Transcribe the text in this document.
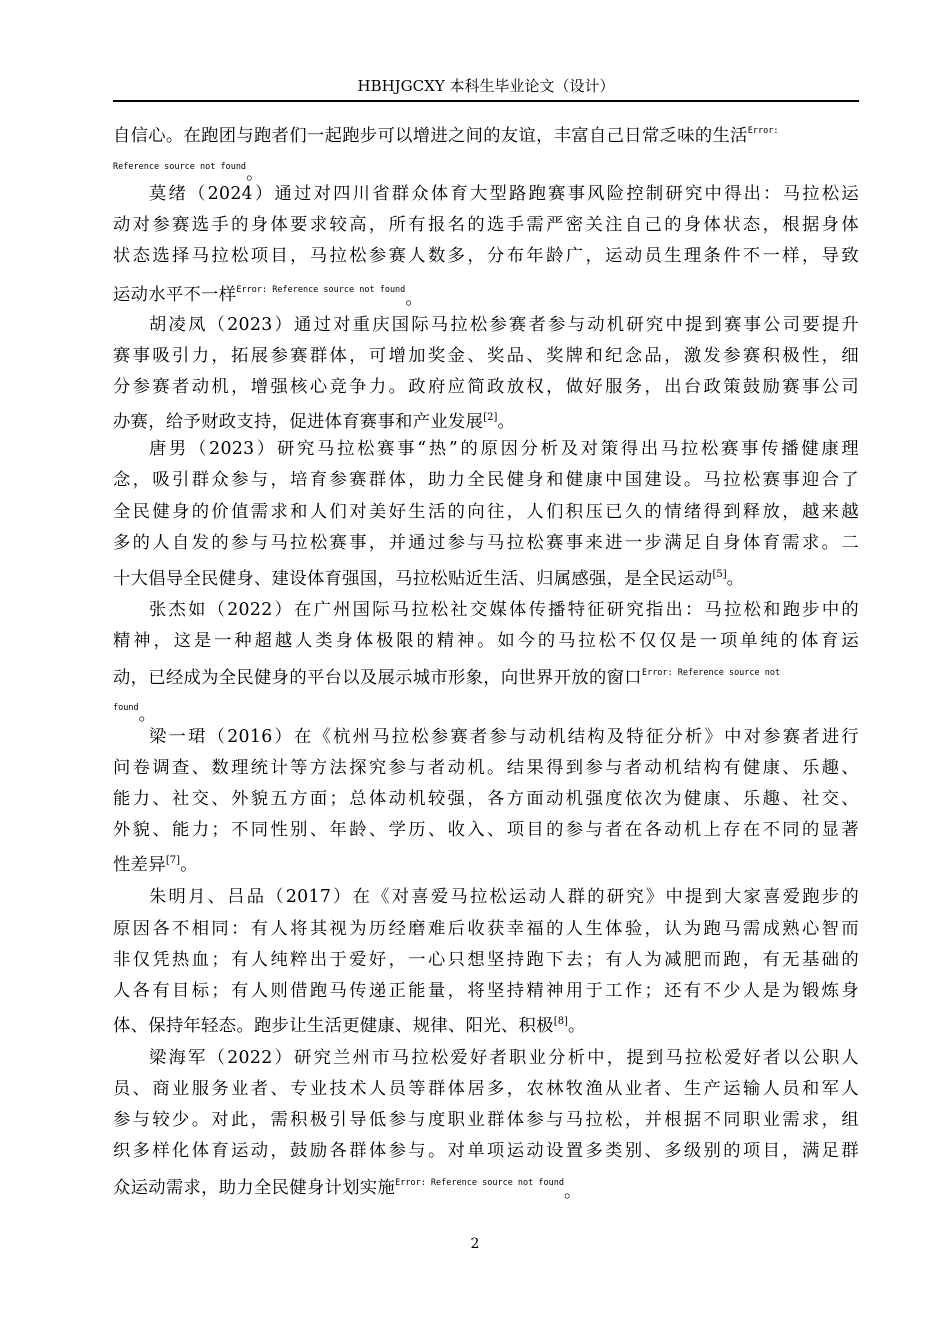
HBHJGCXY 本科生毕业论文（设计）
自信心。在跑团与跑者们一起跑步可以增进之间的友谊，丰富自己日常乏味的生活$^{Error:}$
Reference source not found。
莫绪（2024）通过对四川省群众体育大型路跑赛事风险控制研究中得出：马拉松运
动对参赛选手的身体要求较高，所有报名的选手需严密关注自己的身体状态，根据身体
状态选择马拉松项目，马拉松参赛人数多，分布年龄广，运动员生理条件不一样，导致
运动水平不一样$^{Error: Reference source not found}$。
胡凌凤（2023）通过对重庆国际马拉松参赛者参与动机研究中提到赛事公司要提升
赛事吸引力，拓展参赛群体，可增加奖金、奖品、奖牌和纪念品，激发参赛积极性，细
分参赛者动机，增强核心竞争力。政府应简政放权，做好服务，出台政策鼓励赛事公司
办赛，给予财政支持，促进体育赛事和产业发展[2]。
唐男（2023）研究马拉松赛事“热”的原因分析及对策得出马拉松赛事传播健康理
念，吸引群众参与，培育参赛群体，助力全民健身和健康中国建设。马拉松赛事迎合了
全民健身的价值需求和人们对美好生活的向往，人们积压已久的情绪得到释放，越来越
多的人自发的参与马拉松赛事，并通过参与马拉松赛事来进一步满足自身体育需求。二
十大倡导全民健身、建设体育强国，马拉松贴近生活、归属感强，是全民运动[5]。
张杰如（2022）在广州国际马拉松社交媒体传播特征研究指出：马拉松和跑步中的
精神，这是一种超越人类身体极限的精神。如今的马拉松不仅仅是一项单纯的体育运
动，已经成为全民健身的平台以及展示城市形象，向世界开放的窗口$^{Error: Reference source not}$
found。
梁一珺（2016）在《杭州马拉松参赛者参与动机结构及特征分析》中对参赛者进行
问卷调查、数理统计等方法探究参与者动机。结果得到参与者动机结构有健康、乐趣、
能力、社交、外貌五方面；总体动机较强，各方面动机强度依次为健康、乐趣、社交、
外貌、能力；不同性别、年龄、学历、收入、项目的参与者在各动机上存在不同的显著
性差异[7]。
朱明月、吕品（2017）在《对喜爱马拉松运动人群的研究》中提到大家喜爱跑步的
原因各不相同：有人将其视为历经磨难后收获幸福的人生体验，认为跑马需成熟心智而
非仅凭热血；有人纯粹出于爱好，一心只想坚持跑下去；有人为减肥而跑，有无基础的
人各有目标；有人则借跑马传递正能量，将坚持精神用于工作；还有不少人是为锻炼身
体、保持年轻态。跑步让生活更健康、规律、阳光、积极[8]。
梁海军（2022）研究兰州市马拉松爱好者职业分析中，提到马拉松爱好者以公职人
员、商业服务业者、专业技术人员等群体居多，农林牧渔从业者、生产运输人员和军人
参与较少。对此，需积极引导低参与度职业群体参与马拉松，并根据不同职业需求，组
织多样化体育运动，鼓励各群体参与。对单项运动设置多类别、多级别的项目，满足群
众运动需求，助力全民健身计划实施$^{Error: Reference source not found}$。
2
